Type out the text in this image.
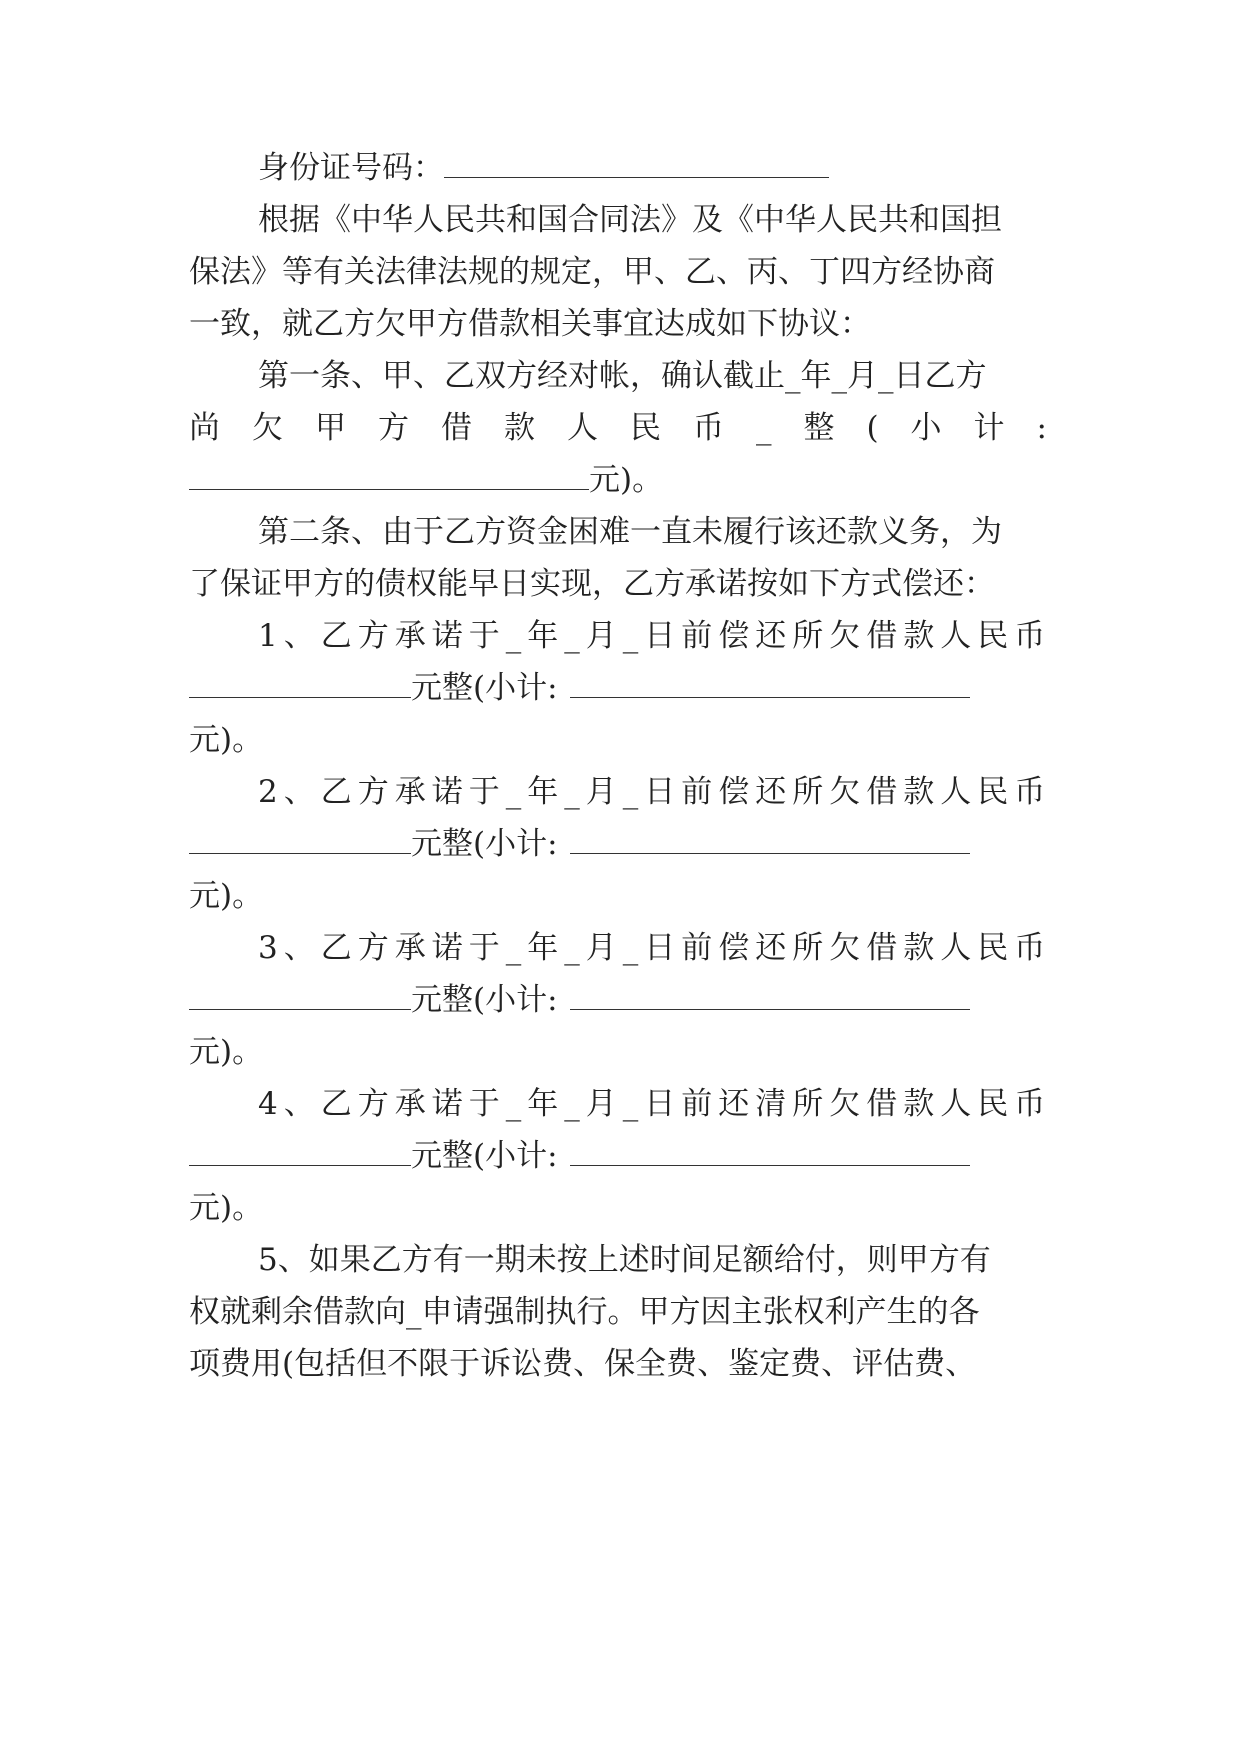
身份证号码：
根据《中华人民共和国合同法》及《中华人民共和国担
保法》等有关法律法规的规定，甲、乙、丙、丁四方经协商
一致，就乙方欠甲方借款相关事宜达成如下协议：
第一条、甲、乙双方经对帐，确认截止_年_月_日乙方
尚欠甲方借款人民币_整(小计:
元)。
第二条、由于乙方资金困难一直未履行该还款义务，为
了保证甲方的债权能早日实现，乙方承诺按如下方式偿还：
1、乙方承诺于_年_月_日前偿还所欠借款人民币
元整(小计:
元)。
2、乙方承诺于_年_月_日前偿还所欠借款人民币
元整(小计:
元)。
3、乙方承诺于_年_月_日前偿还所欠借款人民币
元整(小计:
元)。
4、乙方承诺于_年_月_日前还清所欠借款人民币
元整(小计:
元)。
5、如果乙方有一期未按上述时间足额给付，则甲方有
权就剩余借款向_申请强制执行。甲方因主张权利产生的各
项费用(包括但不限于诉讼费、保全费、鉴定费、评估费、
